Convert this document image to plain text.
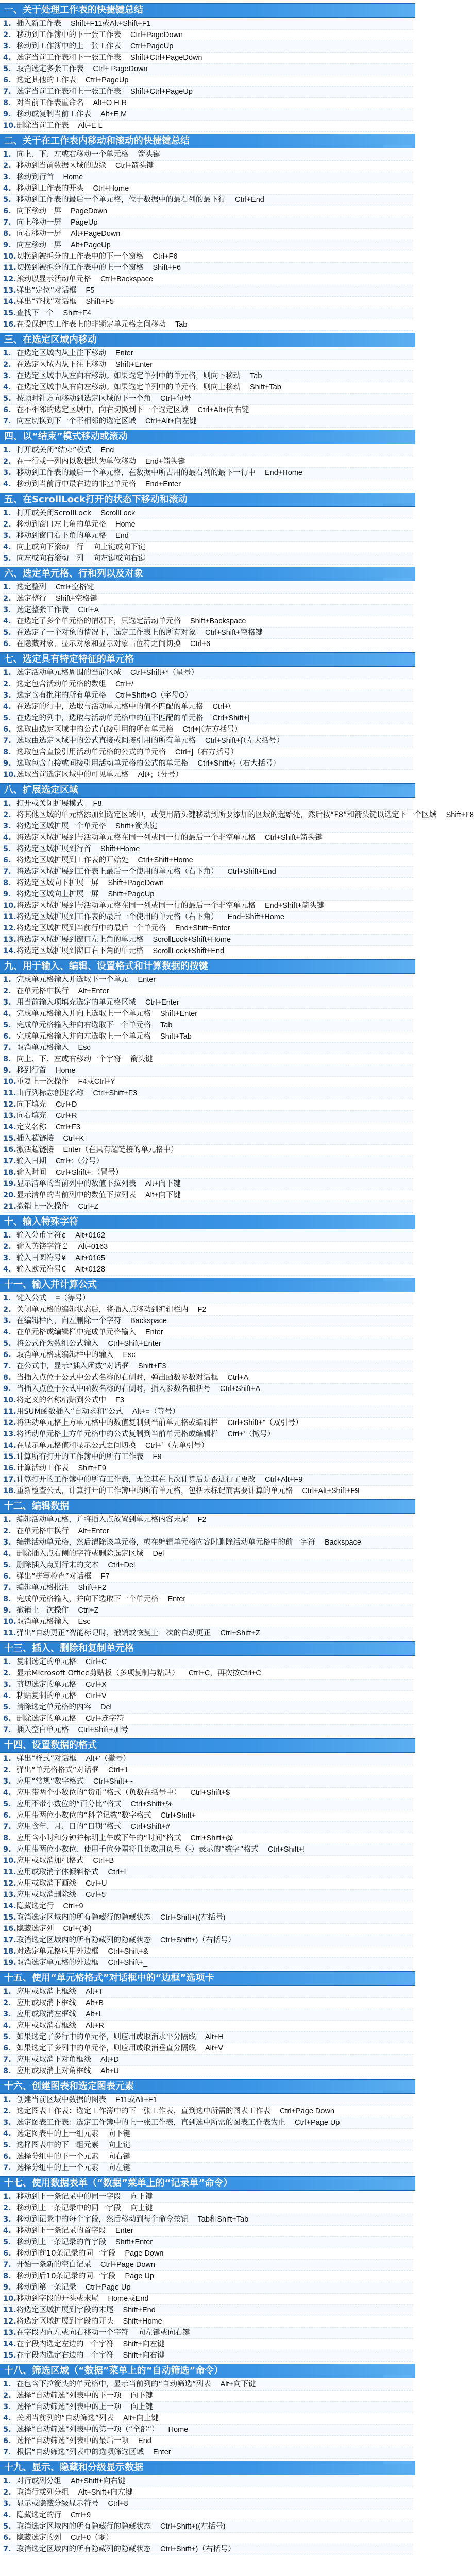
一、关于处理工作表的快捷键总结
1. 插入新工作表	Shift+F11或Alt+Shift+F1
2. 移动到工作簿中的下一张工作表	Ctrl+PageDown
3. 移动到工作簿中的上一张工作表	Ctrl+PageUp
4. 选定当前工作表和下一张工作表	Shift+Ctrl+PageDown
5. 取消选定多张工作表	Ctrl+ PageDown
6. 选定其他的工作表	Ctrl+PageUp
7. 选定当前工作表和上一张工作表	Shift+Ctrl+PageUp
8. 对当前工作表重命名	Alt+O H R
9. 移动或复制当前工作表	Alt+E M
10. 删除当前工作表	Alt+E L
二、关于在工作表内移动和滚动的快捷键总结
1. 向上、下、左或右移动一个单元格	箭头键
2. 移动到当前数据区域的边缘	Ctrl+箭头键
3. 移动到行首	Home
4. 移动到工作表的开头	Ctrl+Home
5. 移动到工作表的最后一个单元格，位于数据中的最右列的最下行	Ctrl+End
6. 向下移动一屏	PageDown
7. 向上移动一屏	PageUp
8. 向右移动一屏	Alt+PageDown
9. 向左移动一屏	Alt+PageUp
10. 切换到被拆分的工作表中的下一个窗格	Ctrl+F6
11. 切换到被拆分的工作表中的上一个窗格	Shift+F6
12. 滚动以显示活动单元格	Ctrl+Backspace
13. 弹出“定位”对话框	F5
14. 弹出“查找”对话框	Shift+F5
15. 查找下一个	Shift+F4
16. 在受保护的工作表上的非锁定单元格之间移动	Tab
三、在选定区域内移动
1. 在选定区域内从上往下移动	Enter
2. 在选定区域内从下往上移动	Shift+Enter
3. 在选定区域中从左向右移动。如果选定单列中的单元格，则向下移动	Tab
4. 在选定区域中从右向左移动。如果选定单列中的单元格，则向上移动	Shift+Tab
5. 按顺时针方向移动到选定区域的下一个角	Ctrl+句号
6. 在不相邻的选定区域中，向右切换到下一个选定区域	Ctrl+Alt+向右键
7. 向左切换到下一个不相邻的选定区域	Ctrl+Alt+向左键
四、以“结束”模式移动或滚动
1. 打开或关闭“结束”模式	End
2. 在一行或一列内以数据块为单位移动	End+箭头键
3. 移动到工作表的最后一个单元格，在数据中所占用的最右列的最下一行中	End+Home
4. 移动到当前行中最右边的非空单元格	End+Enter
五、在ScrollLock打开的状态下移动和滚动
1. 打开或关闭ScrollLock	ScrollLock
2. 移动到窗口左上角的单元格	Home
3. 移动到窗口右下角的单元格	End
4. 向上或向下滚动一行	向上键或向下键
5. 向左或向右滚动一列	向左键或向右键
六、选定单元格、行和列以及对象
1. 选定整列	Ctrl+空格键
2. 选定整行	Shift+空格键
3. 选定整张工作表	Ctrl+A
4. 在选定了多个单元格的情况下，只选定活动单元格	Shift+Backspace
5. 在选定了一个对象的情况下，选定工作表上的所有对象	Ctrl+Shift+空格键
6. 在隐藏对象、显示对象和显示对象占位符之间切换	Ctrl+6
七、选定具有特定特征的单元格
1. 选定活动单元格周围的当前区域	Ctrl+Shift+*（星号）
2. 选定包含活动单元格的数组	Ctrl+/
3. 选定含有批注的所有单元格	Ctrl+Shift+O（字母O）
4. 在选定的行中，选取与活动单元格中的值不匹配的单元格	Ctrl+\
5. 在选定的列中，选取与活动单元格中的值不匹配的单元格	Ctrl+Shift+|
6. 选取由选定区域中的公式直接引用的所有单元格	Ctrl+[（左方括号）
7. 选取由选定区域中的公式直接或间接引用的所有单元格	Ctrl+Shift+{（左大括号）
8. 选取包含直接引用活动单元格的公式的单元格	Ctrl+]（右方括号）
9. 选取包含直接或间接引用活动单元格的公式的单元格	Ctrl+Shift+}（右大括号）
10. 选取当前选定区域中的可见单元格	Alt+;（分号）
八、扩展选定区域
1. 打开或关闭扩展模式	F8
2. 将其他区域的单元格添加到选定区域中，或使用箭头键移动到所要添加的区域的起始处，然后按“F8”和箭头键以选定下一个区域	Shift+F8
3. 将选定区域扩展一个单元格	Shift+箭头键
4. 将选定区域扩展到与活动单元格在同一列或同一行的最后一个非空单元格	Ctrl+Shift+箭头键
5. 将选定区域扩展到行首	Shift+Home
6. 将选定区域扩展到工作表的开始处	Ctrl+Shift+Home
7. 将选定区域扩展到工作表上最后一个使用的单元格（右下角）	Ctrl+Shift+End
8. 将选定区域向下扩展一屏	Shift+PageDown
9. 将选定区域向上扩展一屏	Shift+PageUp
10. 将选定区域扩展到与活动单元格在同一列或同一行的最后一个非空单元格	End+Shift+箭头键
11. 将选定区域扩展到工作表的最后一个使用的单元格（右下角）	End+Shift+Home
12. 将选定区域扩展到当前行中的最后一个单元格	End+Shift+Enter
13. 将选定区域扩展到窗口左上角的单元格	ScrollLock+Shift+Home
14. 将选定区域扩展到窗口右下角的单元格	ScrollLock+Shift+End
九、用于输入、编辑、设置格式和计算数据的按键
1. 完成单元格输入并选取下一个单元	Enter
2. 在单元格中换行	Alt+Enter
3. 用当前输入项填充选定的单元格区域	Ctrl+Enter
4. 完成单元格输入并向上选取上一个单元格	Shift+Enter
5. 完成单元格输入并向右选取下一个单元格	Tab
6. 完成单元格输入并向左选取上一个单元格	Shift+Tab
7. 取消单元格输入	Esc
8. 向上、下、左或右移动一个字符	箭头键
9. 移到行首	Home
10. 重复上一次操作	F4或Ctrl+Y
11. 由行列标志创建名称	Ctrl+Shift+F3
12. 向下填充	Ctrl+D
13. 向右填充	Ctrl+R
14. 定义名称	Ctrl+F3
15. 插入超链接	Ctrl+K
16. 激活超链接	Enter（在具有超链接的单元格中）
17. 输入日期	Ctrl+;（分号）
18. 输入时间	Ctrl+Shift+:（冒号）
19. 显示清单的当前列中的数值下拉列表	Alt+向下键
20. 显示清单的当前列中的数值下拉列表	Alt+向下键
21. 撤销上一次操作	Ctrl+Z
十、输入特殊字符
1. 输入分币字符¢	Alt+0162
2. 输入英镑字符￡	Alt+0163
3. 输入日圆符号¥	Alt+0165
4. 输入欧元符号€	Alt+0128
十一、输入并计算公式
1. 键入公式	=（等号）
2. 关闭单元格的编辑状态后，将插入点移动到编辑栏内	F2
3. 在编辑栏内，向左删除一个字符	Backspace
4. 在单元格或编辑栏中完成单元格输入	Enter
5. 将公式作为数组公式输入	Ctrl+Shift+Enter
6. 取消单元格或编辑栏中的输入	Esc
7. 在公式中，显示“插入函数”对话框	Shift+F3
8. 当插入点位于公式中公式名称的右侧时，弹出函数参数对话框	Ctrl+A
9. 当插入点位于公式中函数名称的右侧时，插入参数名和括号	Ctrl+Shift+A
10. 将定义的名称粘贴到公式中	F3
11. 用SUM函数插入“自动求和”公式	Alt+=（等号）
12. 将活动单元格上方单元格中的数值复制到当前单元格或编辑栏	Ctrl+Shift+"（双引号）
13. 将活动单元格上方单元格中的公式复制到当前单元格或编辑栏	Ctrl+'（撇号）
14. 在显示单元格值和显示公式之间切换	Ctrl+`（左单引号）
15. 计算所有打开的工作簿中的所有工作表	F9
16. 计算活动工作表	Shift+F9
17. 计算打开的工作簿中的所有工作表，无论其在上次计算后是否进行了更改	Ctrl+Alt+F9
18. 重新检查公式，计算打开的工作簿中的所有单元格，包括未标记而需要计算的单元格	Ctrl+Alt+Shift+F9
十二、编辑数据
1. 编辑活动单元格，并将插入点放置到单元格内容末尾	F2
2. 在单元格中换行	Alt+Enter
3. 编辑活动单元格，然后清除该单元格，或在编辑单元格内容时删除活动单元格中的前一字符	Backspace
4. 删除插入点右侧的字符或删除选定区域	Del
5. 删除插入点到行末的文本	Ctrl+Del
6. 弹出“拼写检查”对话框	F7
7. 编辑单元格批注	Shift+F2
8. 完成单元格输入，并向下选取下一个单元格	Enter
9. 撤销上一次操作	Ctrl+Z
10. 取消单元格输入	Esc
11. 弹出“自动更正”智能标记时，撤销或恢复上一次的自动更正	Ctrl+Shift+Z
十三、插入、删除和复制单元格
1. 复制选定的单元格	Ctrl+C
2. 显示Microsoft Office剪贴板（多项复制与粘贴）	Ctrl+C，再次按Ctrl+C
3. 剪切选定的单元格	Ctrl+X
4. 粘贴复制的单元格	Ctrl+V
5. 清除选定单元格的内容	Del
6. 删除选定的单元格	Ctrl+连字符
7. 插入空白单元格	Ctrl+Shift+加号
十四、设置数据的格式
1. 弹出“样式”对话框	Alt+'（撇号）
2. 弹出“单元格格式”对话框	Ctrl+1
3. 应用“常规”数字格式	Ctrl+Shift+~
4. 应用带两个小数位的“货币”格式（负数在括号中）	Ctrl+Shift+$
5. 应用不带小数位的“百分比”格式	Ctrl+Shift+%
6. 应用带两位小数位的“科学记数”数字格式	Ctrl+Shift+
7. 应用含年、月、日的“日期”格式	Ctrl+Shift+#
8. 应用含小时和分钟并标明上午或下午的“时间”格式	Ctrl+Shift+@
9. 应用带两位小数位、使用千位分隔符且负数用负号（-）表示的“数字”格式	Ctrl+Shift+!
10. 应用或取消加粗格式	Ctrl+B
11. 应用或取消字体倾斜格式	Ctrl+I
12. 应用或取消下画线	Ctrl+U
13. 应用或取消删除线	Ctrl+5
14. 隐藏选定行	Ctrl+9
15. 取消选定区域内的所有隐藏行的隐藏状态	Ctrl+Shift+((左括号)
16. 隐藏选定列	Ctrl+(零)
17. 取消选定区域内的所有隐藏列的隐藏状态	Ctrl+Shift+)（右括号）
18. 对选定单元格应用外边框	Ctrl+Shift+&
19. 取消选定单元格的外边框	Ctrl+Shift+_
十五、使用“单元格格式”对话框中的“边框”选项卡
1. 应用或取消上框线	Alt+T
2. 应用或取消下框线	Alt+B
3. 应用或取消左框线	Alt+L
4. 应用或取消右框线	Alt+R
5. 如果选定了多行中的单元格，则应用或取消水平分隔线	Alt+H
6. 如果选定了多列中的单元格，则应用或取消垂直分隔线	Alt+V
7. 应用或取消下对角框线	Alt+D
8. 应用或取消上对角框线	Alt+U
十六、创建图表和选定图表元素
1. 创建当前区域中数据的图表	F11或Alt+F1
2. 选定图表工作表：选定工作簿中的下一张工作表，直到选中所需的图表工作表	Ctrl+Page Down
3. 选定图表工作表：选定工作簿中的上一张工作表，直到选中所需的图表工作表为止	Ctrl+Page Up
4. 选定图表中的上一组元素	向下键
5. 选择图表中的下一组元素	向上键
6. 选择分组中的下一个元素	向右键
7. 选择分组中的上一个元素	向左键
十七、使用数据表单（“数据”菜单上的“记录单”命令）
1. 移动到下一条记录中的同一字段	向下键
2. 移动到上一条记录中的同一字段	向上键
3. 移动到记录中的每个字段，然后移动到每个命令按钮	Tab和Shift+Tab
4. 移动到下一条记录的首字段	Enter
5. 移动到上一条记录的首字段	Shift+Enter
6. 移动到前10条记录的同一字段	Page Down
7. 开始一条新的空白记录	Ctrl+Page Down
8. 移动到后10条记录的同一字段	Page Up
9. 移动到第一条记录	Ctrl+Page Up
10. 移动到字段的开头或末尾	Home或End
11. 将选定区域扩展到字段的末尾	Shift+End
12. 将选定区域扩展到字段的开头	Shift+Home
13. 在字段内向左或向右移动一个字符	向左键或向右键
14. 在字段内选定左边的一个字符	Shift+向左键
15. 在字段内选定右边的一个字符	Shift+向右键
十八、筛选区域（“数据”菜单上的“自动筛选”命令）
1. 在包含下拉箭头的单元格中，显示当前列的“自动筛选”列表	Alt+向下键
2. 选择“自动筛选”列表中的下一项	向下键
3. 选择“自动筛选”列表中的上一项	向上键
4. 关闭当前列的“自动筛选”列表	Alt+向上键
5. 选择“自动筛选”列表中的第一项（“全部”）	Home
6. 选择“自动筛选”列表中的最后一项	End
7. 根据“自动筛选”列表中的选项筛选区域	Enter
十九、显示、隐藏和分级显示数据
1. 对行或列分组	Alt+Shift+向右键
2. 取消行或列分组	Alt+Shift+向左键
3. 显示或隐藏分级显示符号	Ctrl+8
4. 隐藏选定的行	Ctrl+9
5. 取消选定区域内的所有隐藏行的隐藏状态	Ctrl+Shift+((左括号)
6. 隐藏选定的列	Ctrl+0（零）
7. 取消选定区域内的所有隐藏列的隐藏状态	Ctrl+Shift+)（右括号）
